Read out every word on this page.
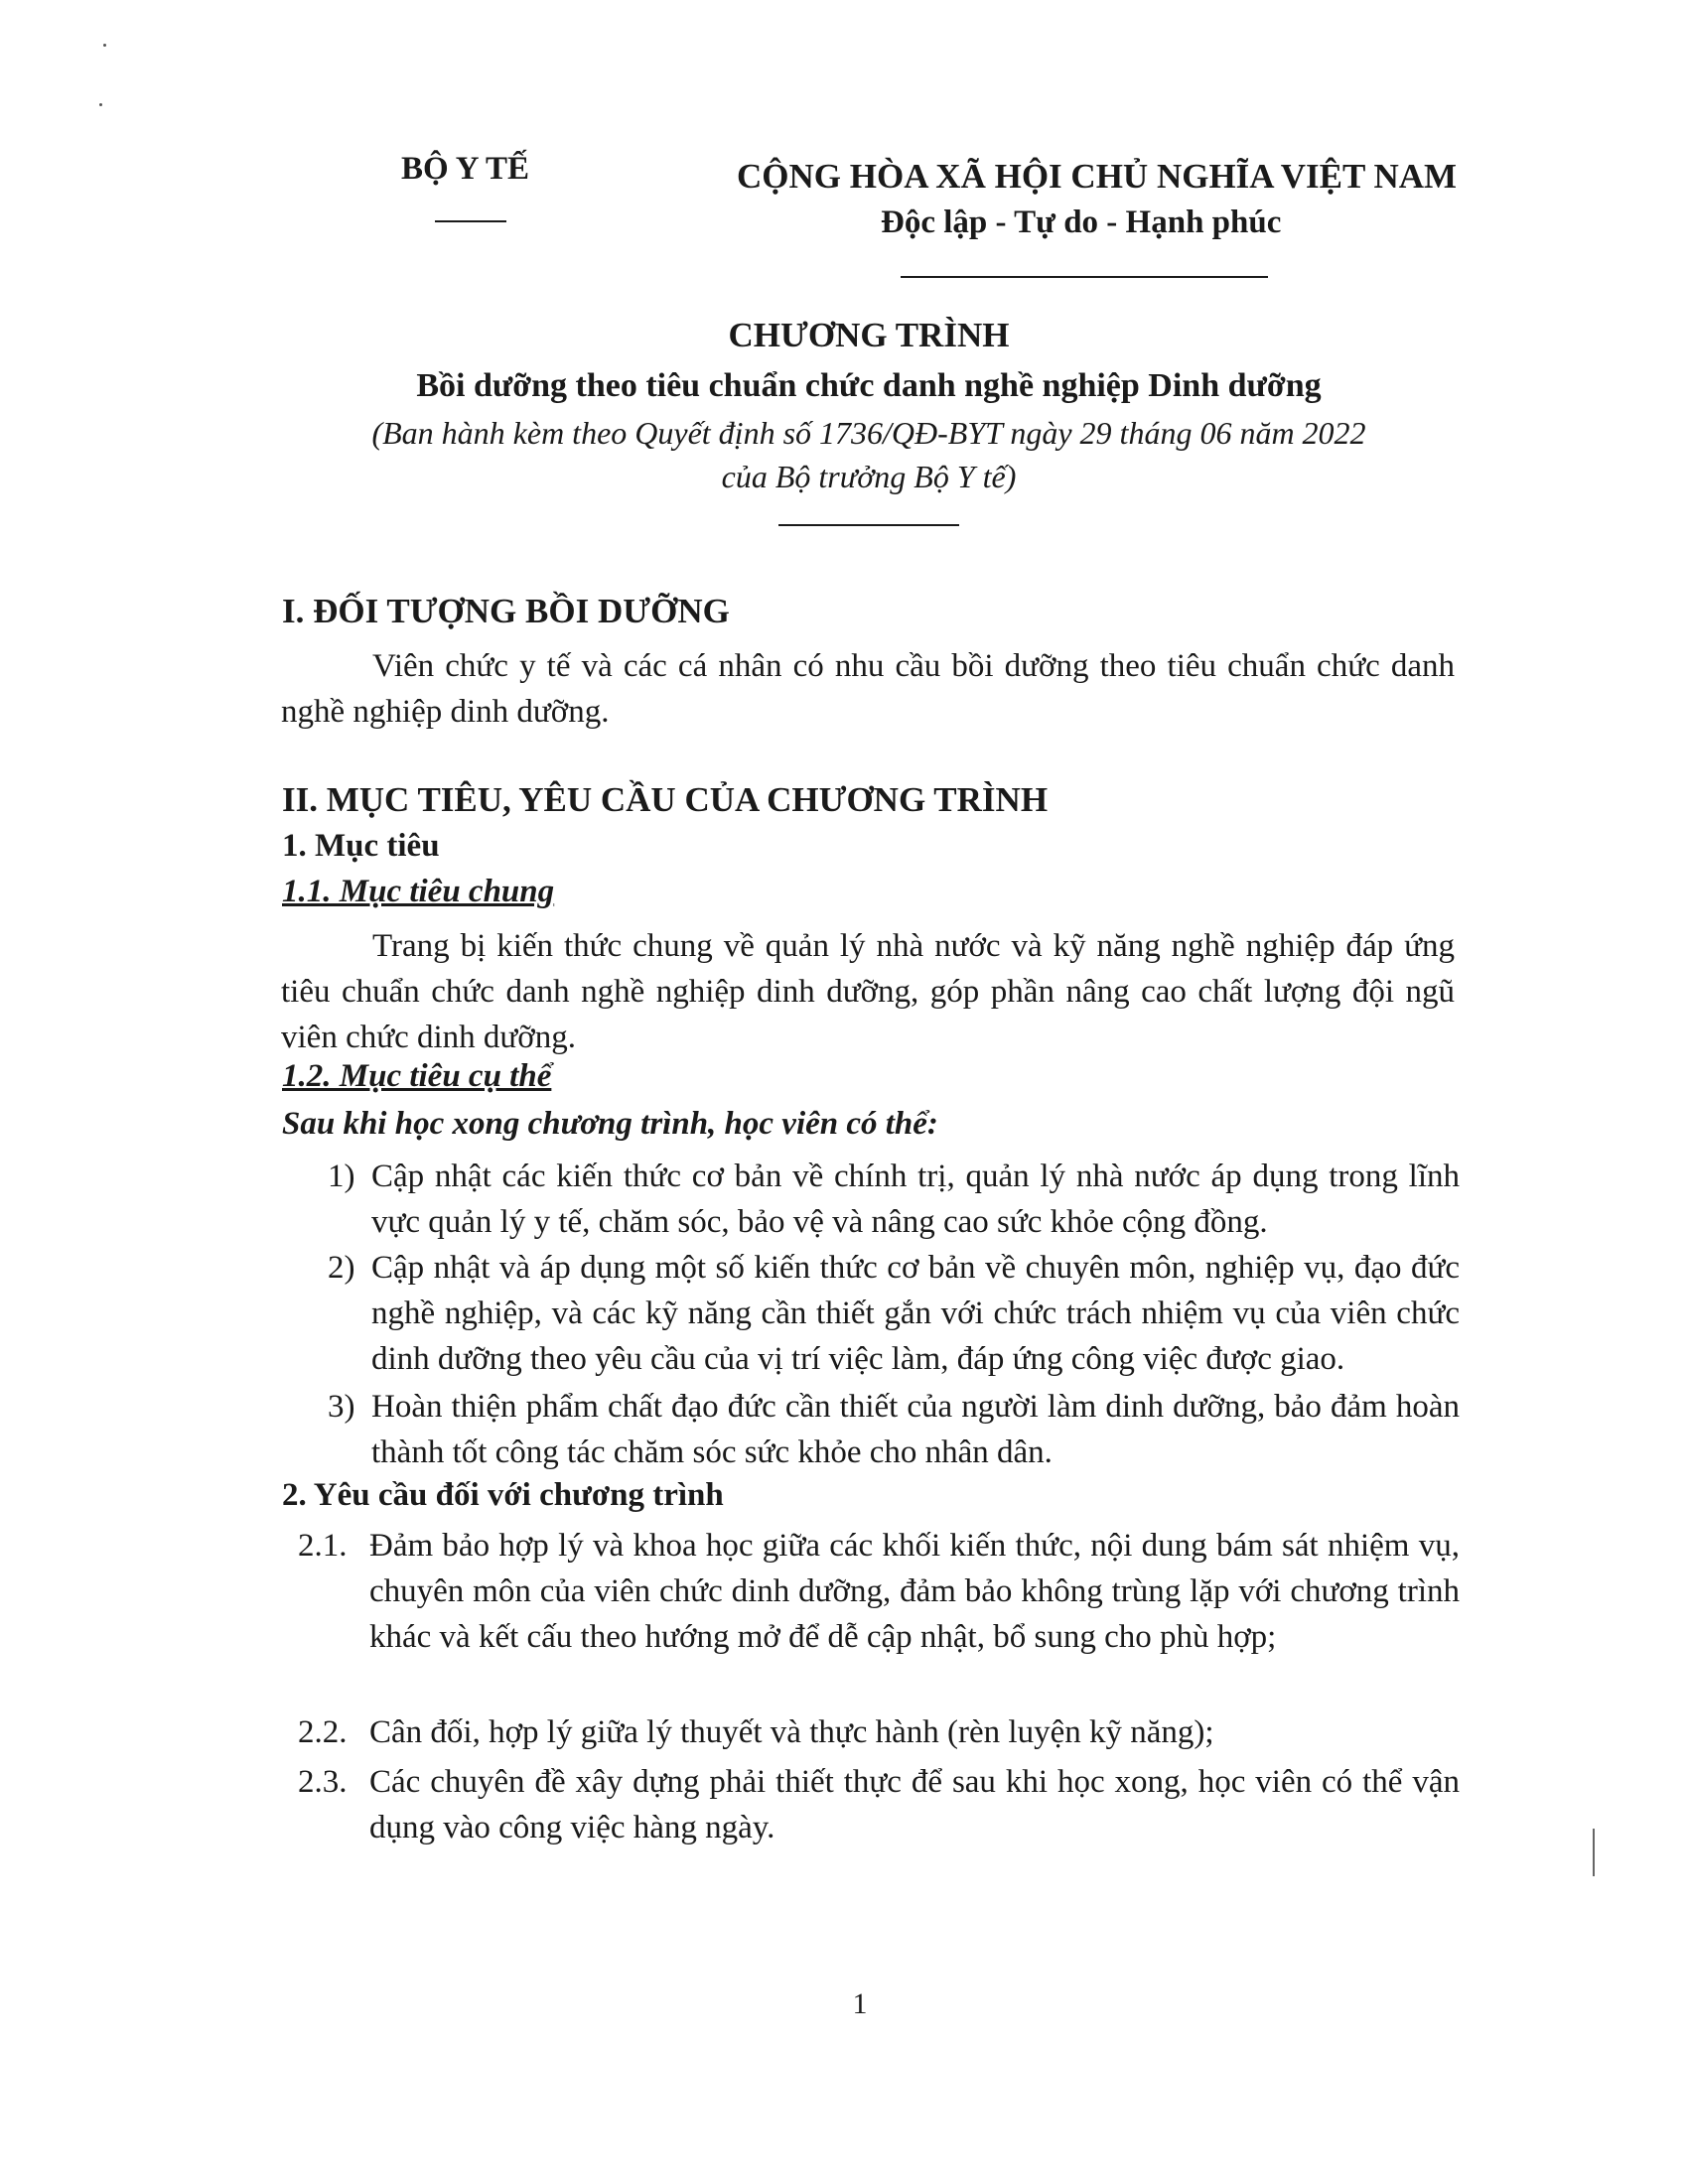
BỘ Y TẾ	CỘNG HÒA XÃ HỘI CHỦ NGHĨA VIỆT NAM
Độc lập - Tự do - Hạnh phúc
CHƯƠNG TRÌNH
Bồi dưỡng theo tiêu chuẩn chức danh nghề nghiệp Dinh dưỡng
(Ban hành kèm theo Quyết định số 1736/QĐ-BYT ngày 29 tháng 06 năm 2022
của Bộ trưởng Bộ Y tế)
I. ĐỐI TƯỢNG BỒI DƯỠNG
Viên chức y tế và các cá nhân có nhu cầu bồi dưỡng theo tiêu chuẩn chức danh nghề nghiệp dinh dưỡng.
II. MỤC TIÊU, YÊU CẦU CỦA CHƯƠNG TRÌNH
1. Mục tiêu
1.1. Mục tiêu chung
Trang bị kiến thức chung về quản lý nhà nước và kỹ năng nghề nghiệp đáp ứng tiêu chuẩn chức danh nghề nghiệp dinh dưỡng, góp phần nâng cao chất lượng đội ngũ viên chức dinh dưỡng.
1.2. Mục tiêu cụ thể
Sau khi học xong chương trình, học viên có thể:
1) Cập nhật các kiến thức cơ bản về chính trị, quản lý nhà nước áp dụng trong lĩnh vực quản lý y tế, chăm sóc, bảo vệ và nâng cao sức khỏe cộng đồng.
2) Cập nhật và áp dụng một số kiến thức cơ bản về chuyên môn, nghiệp vụ, đạo đức nghề nghiệp, và các kỹ năng cần thiết gắn với chức trách nhiệm vụ của viên chức dinh dưỡng theo yêu cầu của vị trí việc làm, đáp ứng công việc được giao.
3) Hoàn thiện phẩm chất đạo đức cần thiết của người làm dinh dưỡng, bảo đảm hoàn thành tốt công tác chăm sóc sức khỏe cho nhân dân.
2. Yêu cầu đối với chương trình
2.1. Đảm bảo hợp lý và khoa học giữa các khối kiến thức, nội dung bám sát nhiệm vụ, chuyên môn của viên chức dinh dưỡng, đảm bảo không trùng lặp với chương trình khác và kết cấu theo hướng mở để dễ cập nhật, bổ sung cho phù hợp;
2.2. Cân đối, hợp lý giữa lý thuyết và thực hành (rèn luyện kỹ năng);
2.3. Các chuyên đề xây dựng phải thiết thực để sau khi học xong, học viên có thể vận dụng vào công việc hàng ngày.
1
